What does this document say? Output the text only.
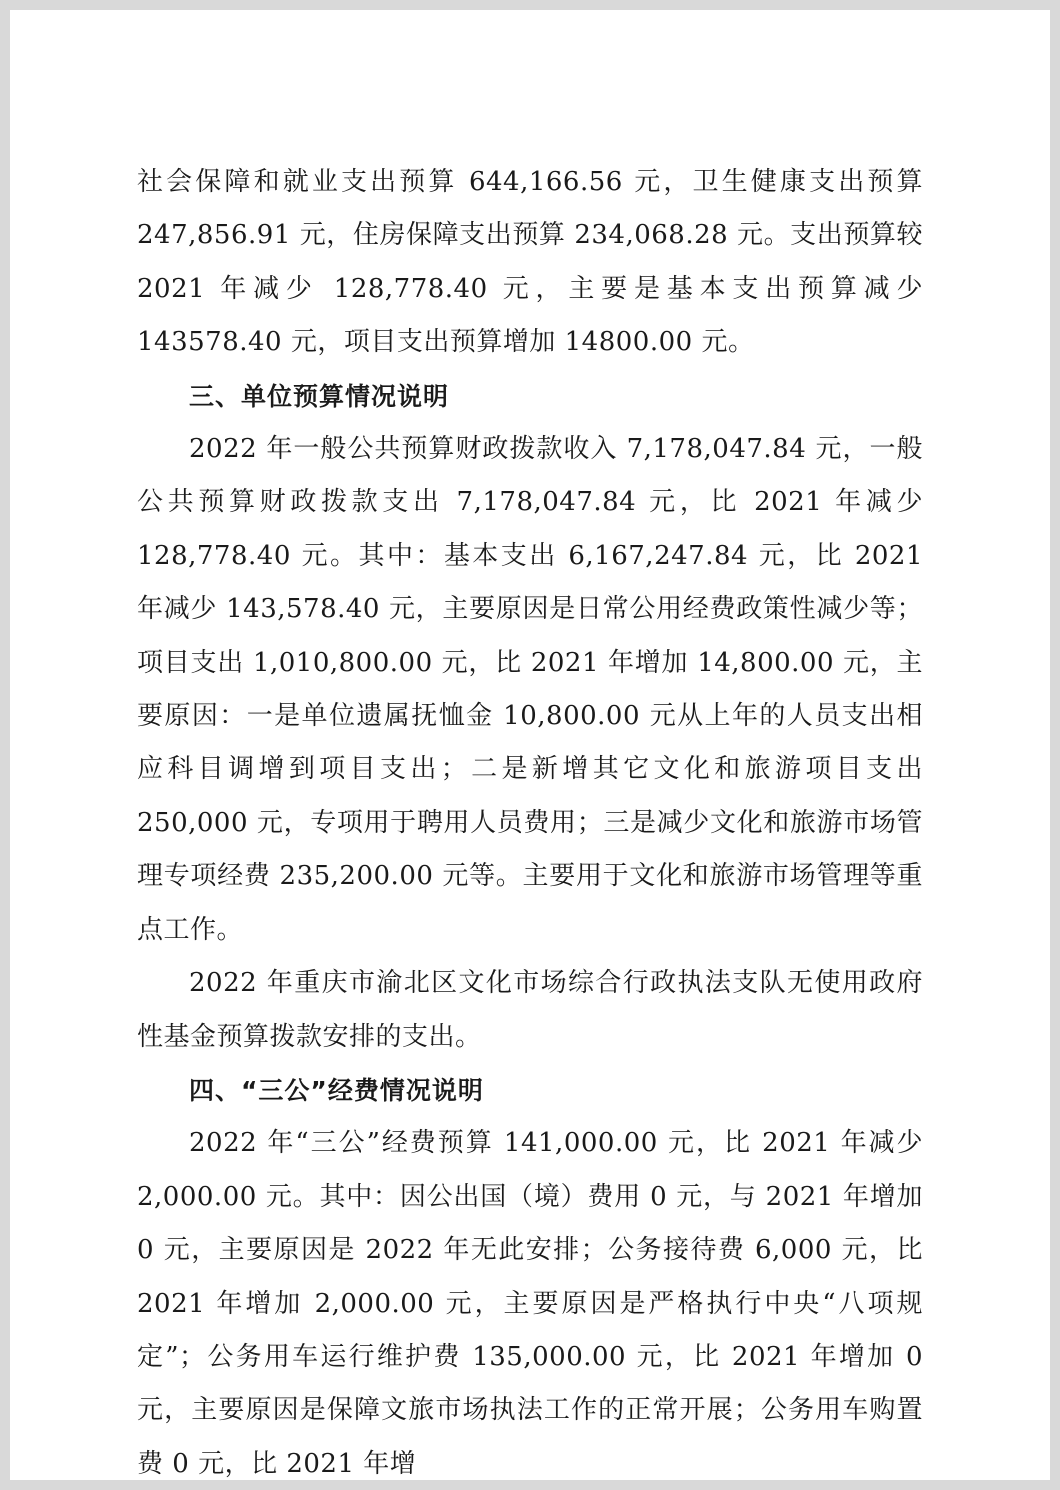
社会保障和就业支出预算 644,166.56 元，卫生健康支出预算 247,856.91 元，住房保障支出预算 234,068.28 元。支出预算较 2021 年减少 128,778.40 元，主要是基本支出预算减少 143578.40 元，项目支出预算增加 14800.00 元。

三、单位预算情况说明

2022 年一般公共预算财政拨款收入 7,178,047.84 元，一般公共预算财政拨款支出 7,178,047.84 元，比 2021 年减少 128,778.40 元。其中：基本支出 6,167,247.84 元，比 2021 年减少 143,578.40 元，主要原因是日常公用经费政策性减少等；项目支出 1,010,800.00 元，比 2021 年增加 14,800.00 元，主要原因：一是单位遗属抚恤金 10,800.00 元从上年的人员支出相应科目调增到项目支出；二是新增其它文化和旅游项目支出 250,000 元，专项用于聘用人员费用；三是减少文化和旅游市场管理专项经费 235,200.00 元等。主要用于文化和旅游市场管理等重点工作。

2022 年重庆市渝北区文化市场综合行政执法支队无使用政府性基金预算拨款安排的支出。

四、“三公”经费情况说明

2022 年“三公”经费预算 141,000.00 元，比 2021 年减少 2,000.00 元。其中：因公出国（境）费用 0 元，与 2021 年增加 0 元，主要原因是 2022 年无此安排；公务接待费 6,000 元，比 2021 年增加 2,000.00 元，主要原因是严格执行中央“八项规定”；公务用车运行维护费 135,000.00 元，比 2021 年增加 0 元，主要原因是保障文旅市场执法工作的正常开展；公务用车购置费 0 元，比 2021 年增
